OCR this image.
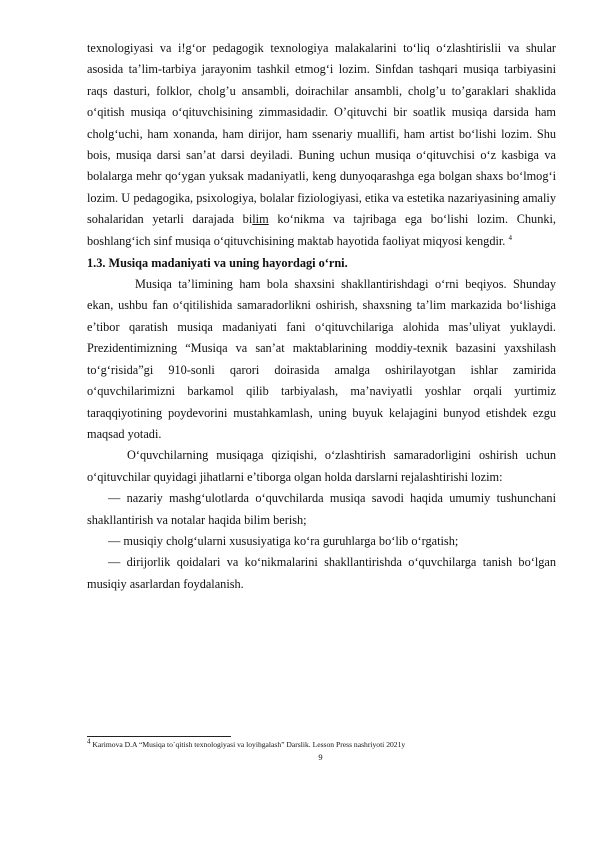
texnologiyasi va i!g‘or pedagogik texnologiya malakalarini to‘liq o‘zlashtirislii va shular asosida ta’lim-tarbiya jarayonim tashkil etmog‘i lozim. Sinfdan tashqari musiqa tarbiyasini raqs dasturi, folklor, cholg’u ansambli, doirachilar ansambli, cholg’u to’garaklari shaklida o‘qitish musiqa o‘qituvchisining zimmasidadir. O’qituvchi bir soatlik musiqa darsida ham cholg‘uchi, ham xonanda, ham dirijor, ham ssenariy muallifi, ham artist bo‘lishi lozim. Shu bois, musiqa darsi san’at darsi deyiladi. Buning uchun musiqa o‘qituvchisi o‘z kasbiga va bolalarga mehr qo‘ygan yuksak madaniyatli, keng dunyoqarashga ega bolgan shaxs bo‘lmog‘i lozim. U pedagogika, psixologiya, bolalar fiziologiyasi, etika va estetika nazariyasining amaliy sohalaridan yetarli darajada bilim ko‘nikma va tajribaga ega bo‘lishi lozim. Chunki, boshlang‘ich sinf musiqa o‘qituvchisining maktab hayotida faoliyat miqyosi kengdir. $^4$

1.3. Musiqa madaniyati va uning hayordagi o‘rni.

Musiqa ta’limining ham bola shaxsini shakllantirishdagi o‘rni beqiyos. Shunday ekan, ushbu fan o‘qitilishida samaradorlikni oshirish, shaxsning ta’lim markazida bo‘lishiga e’tibor qaratish musiqa madaniyati fani o‘qituvchilariga alohida mas’uliyat yuklaydi. Prezidentimizning “Musiqa va san’at maktablarining moddiy-texnik bazasini yaxshilash to‘g‘risida”gi 910-sonli qarori doirasida amalga oshirilayotgan ishlar zamirida o‘quvchilarimizni barkamol qilib tarbiyalash, ma’naviyatli yoshlar orqali yurtimiz taraqqiyotining poydevorini mustahkamlash, uning buyuk kelajagini bunyod etishdek ezgu maqsad yotadi.

O‘quvchilarning musiqaga qiziqishi, o‘zlashtirish samaradorligini oshirish uchun o‘qituvchilar quyidagi jihatlarni e’tiborga olgan holda darslarni rejalashtirishi lozim:

— nazariy mashg‘ulotlarda o‘quvchilarda musiqa savodi haqida umumiy tushunchani shakllantirish va notalar haqida bilim berish;

— musiqiy cholg‘ularni xususiyatiga ko‘ra guruhlarga bo‘lib o‘rgatish;

— dirijorlik qoidalari va ko‘nikmalarini shakllantirishda o‘quvchilarga tanish bo‘lgan musiqiy asarlardan foydalanish.

$^4$ Karimova D.A “Musiqa to`qitish texnologiyasi va loyihgalash” Darslik. Lesson Press nashriyoti 2021y
9
